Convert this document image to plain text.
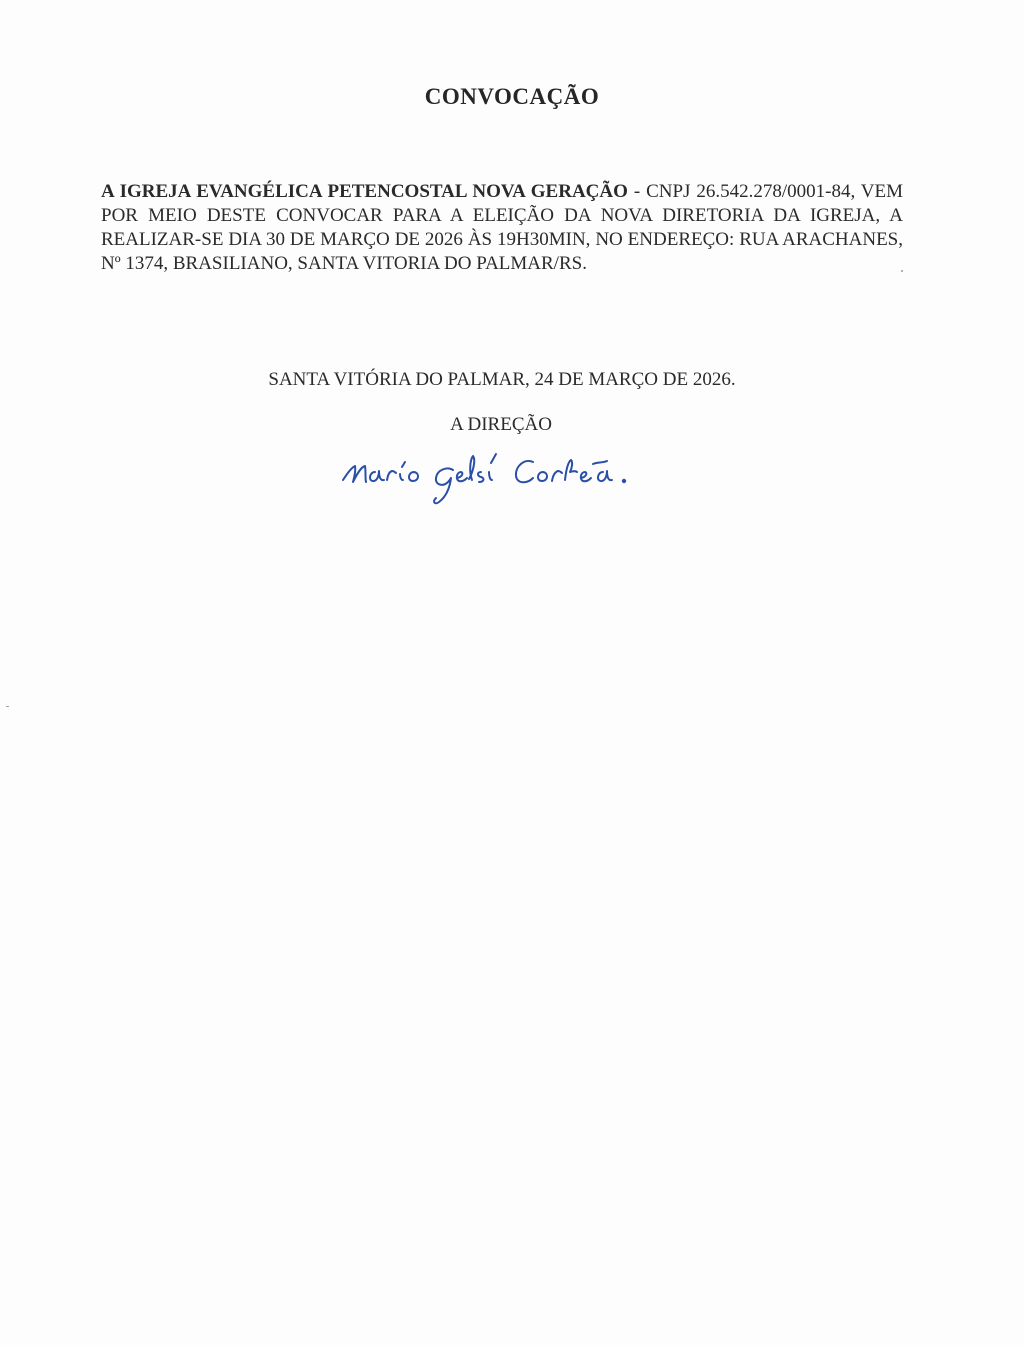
CONVOCAÇÃO
A IGREJA EVANGÉLICA PETENCOSTAL NOVA GERAÇÃO - CNPJ 26.542.278/0001-84, VEM POR MEIO DESTE CONVOCAR PARA A ELEIÇÃO DA NOVA DIRETORIA DA IGREJA, A REALIZAR-SE DIA 30 DE MARÇO DE 2026 ÀS 19H30MIN, NO ENDEREÇO: RUA ARACHANES, Nº 1374, BRASILIANO, SANTA VITORIA DO PALMAR/RS.
SANTA VITÓRIA DO PALMAR, 24 DE MARÇO DE 2026.
A DIREÇÃO
